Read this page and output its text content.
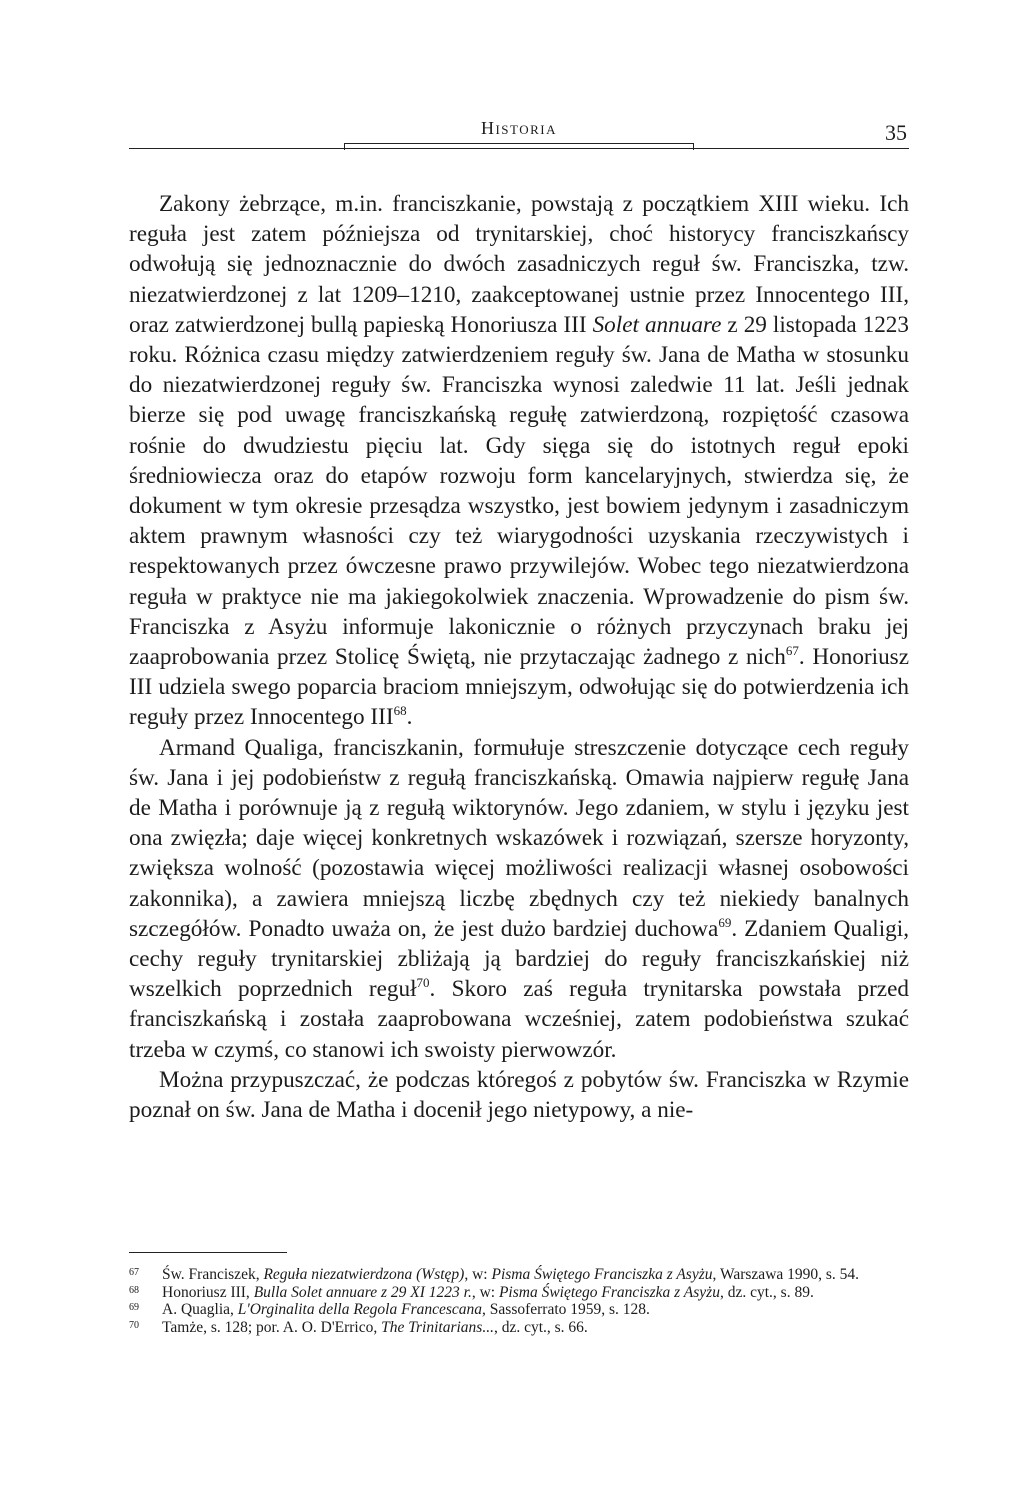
Historia	35

Zakony żebrzące, m.in. franciszkanie, powstają z początkiem XIII wieku. Ich reguła jest zatem późniejsza od trynitarskiej, choć historycy franciszkańscy odwołują się jednoznacznie do dwóch zasadniczych reguł św. Franciszka, tzw. niezatwierdzonej z lat 1209–1210, zaakceptowanej ustnie przez Innocentego III, oraz zatwierdzonej bullą papieską Honoriusza III Solet annuare z 29 listopada 1223 roku. Różnica czasu między zatwierdzeniem reguły św. Jana de Matha w stosunku do niezatwierdzonej reguły św. Franciszka wynosi zaledwie 11 lat. Jeśli jednak bierze się pod uwagę franciszkańską regułę zatwierdzoną, rozpiętość czasowa rośnie do dwudziestu pięciu lat. Gdy sięga się do istotnych reguł epoki średniowiecza oraz do etapów rozwoju form kancelaryjnych, stwierdza się, że dokument w tym okresie przesądza wszystko, jest bowiem jedynym i zasadniczym aktem prawnym własności czy też wiarygodności uzyskania rzeczywistych i respektowanych przez ówczesne prawo przywilejów. Wobec tego niezatwierdzona reguła w praktyce nie ma jakiegokolwiek znaczenia. Wprowadzenie do pism św. Franciszka z Asyżu informuje lakonicznie o różnych przyczynach braku jej zaaprobowania przez Stolicę Świętą, nie przytaczając żadnego z nich$^{67}$. Honoriusz III udziela swego poparcia braciom mniejszym, odwołując się do potwierdzenia ich reguły przez Innocentego III$^{68}$.

Armand Qualiga, franciszkanin, formułuje streszczenie dotyczące cech reguły św. Jana i jej podobieństw z regułą franciszkańską. Omawia najpierw regułę Jana de Matha i porównuje ją z regułą wiktorynów. Jego zdaniem, w stylu i języku jest ona zwięzła; daje więcej konkretnych wskazówek i rozwiązań, szersze horyzonty, zwiększa wolność (pozostawia więcej możliwości realizacji własnej osobowości zakonnika), a zawiera mniejszą liczbę zbędnych czy też niekiedy banalnych szczegółów. Ponadto uważa on, że jest dużo bardziej duchowa$^{69}$. Zdaniem Qualigi, cechy reguły trynitarskiej zbliżają ją bardziej do reguły franciszkańskiej niż wszelkich poprzednich reguł$^{70}$. Skoro zaś reguła trynitarska powstała przed franciszkańską i została zaaprobowana wcześniej, zatem podobieństwa szukać trzeba w czymś, co stanowi ich swoisty pierwowzór.

Można przypuszczać, że podczas któregoś z pobytów św. Franciszka w Rzymie poznał on św. Jana de Matha i docenił jego nietypowy, a nie-

67 Św. Franciszek, Reguła niezatwierdzona (Wstęp), w: Pisma Świętego Franciszka z Asyżu, Warszawa 1990, s. 54.

68 Honoriusz III, Bulla Solet annuare z 29 XI 1223 r., w: Pisma Świętego Franciszka z Asyżu, dz. cyt., s. 89.

69 A. Quaglia, L'Orginalita della Regola Francescana, Sassoferrato 1959, s. 128.

70 Tamże, s. 128; por. A. O. D'Errico, The Trinitarians..., dz. cyt., s. 66.
